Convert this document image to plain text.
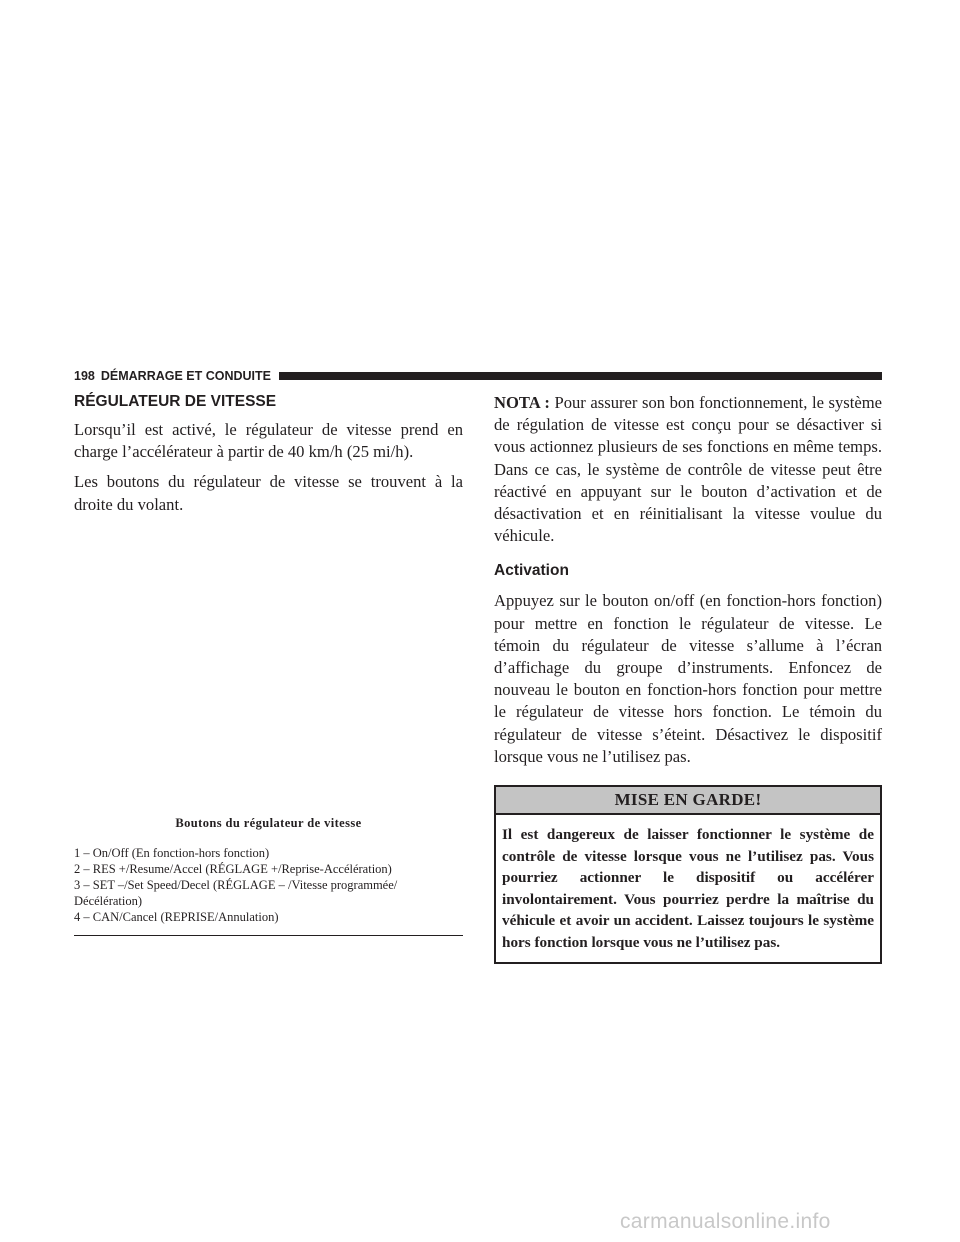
198 DÉMARRAGE ET CONDUITE
RÉGULATEUR DE VITESSE

Lorsqu’il est activé, le régulateur de vitesse prend en charge l’accélérateur à partir de 40 km/h (25 mi/h).

Les boutons du régulateur de vitesse se trouvent à la droite du volant.

Boutons du régulateur de vitesse
1 – On/Off (En fonction-hors fonction)
2 – RES +/Resume/Accel (RÉGLAGE +/Reprise-Accélération)
3 – SET –/Set Speed/Decel (RÉGLAGE – /Vitesse programmée/ Décélération)
4 – CAN/Cancel (REPRISE/Annulation)

NOTA : Pour assurer son bon fonctionnement, le système de régulation de vitesse est conçu pour se désactiver si vous actionnez plusieurs de ses fonctions en même temps. Dans ce cas, le système de contrôle de vitesse peut être réactivé en appuyant sur le bouton d’activation et de désactivation et en réinitialisant la vitesse voulue du véhicule.

Activation

Appuyez sur le bouton on/off (en fonction-hors fonction) pour mettre en fonction le régulateur de vitesse. Le témoin du régulateur de vitesse s’allume à l’écran d’affichage du groupe d’instruments. Enfoncez de nouveau le bouton en fonction-hors fonction pour mettre le régulateur de vitesse hors fonction. Le témoin du régulateur de vitesse s’éteint. Désactivez le dispositif lorsque vous ne l’utilisez pas.

MISE EN GARDE!
Il est dangereux de laisser fonctionner le système de contrôle de vitesse lorsque vous ne l’utilisez pas. Vous pourriez actionner le dispositif ou accélérer involontairement. Vous pourriez perdre la maîtrise du véhicule et avoir un accident. Laissez toujours le système hors fonction lorsque vous ne l’utilisez pas.
carmanualsonline.info
